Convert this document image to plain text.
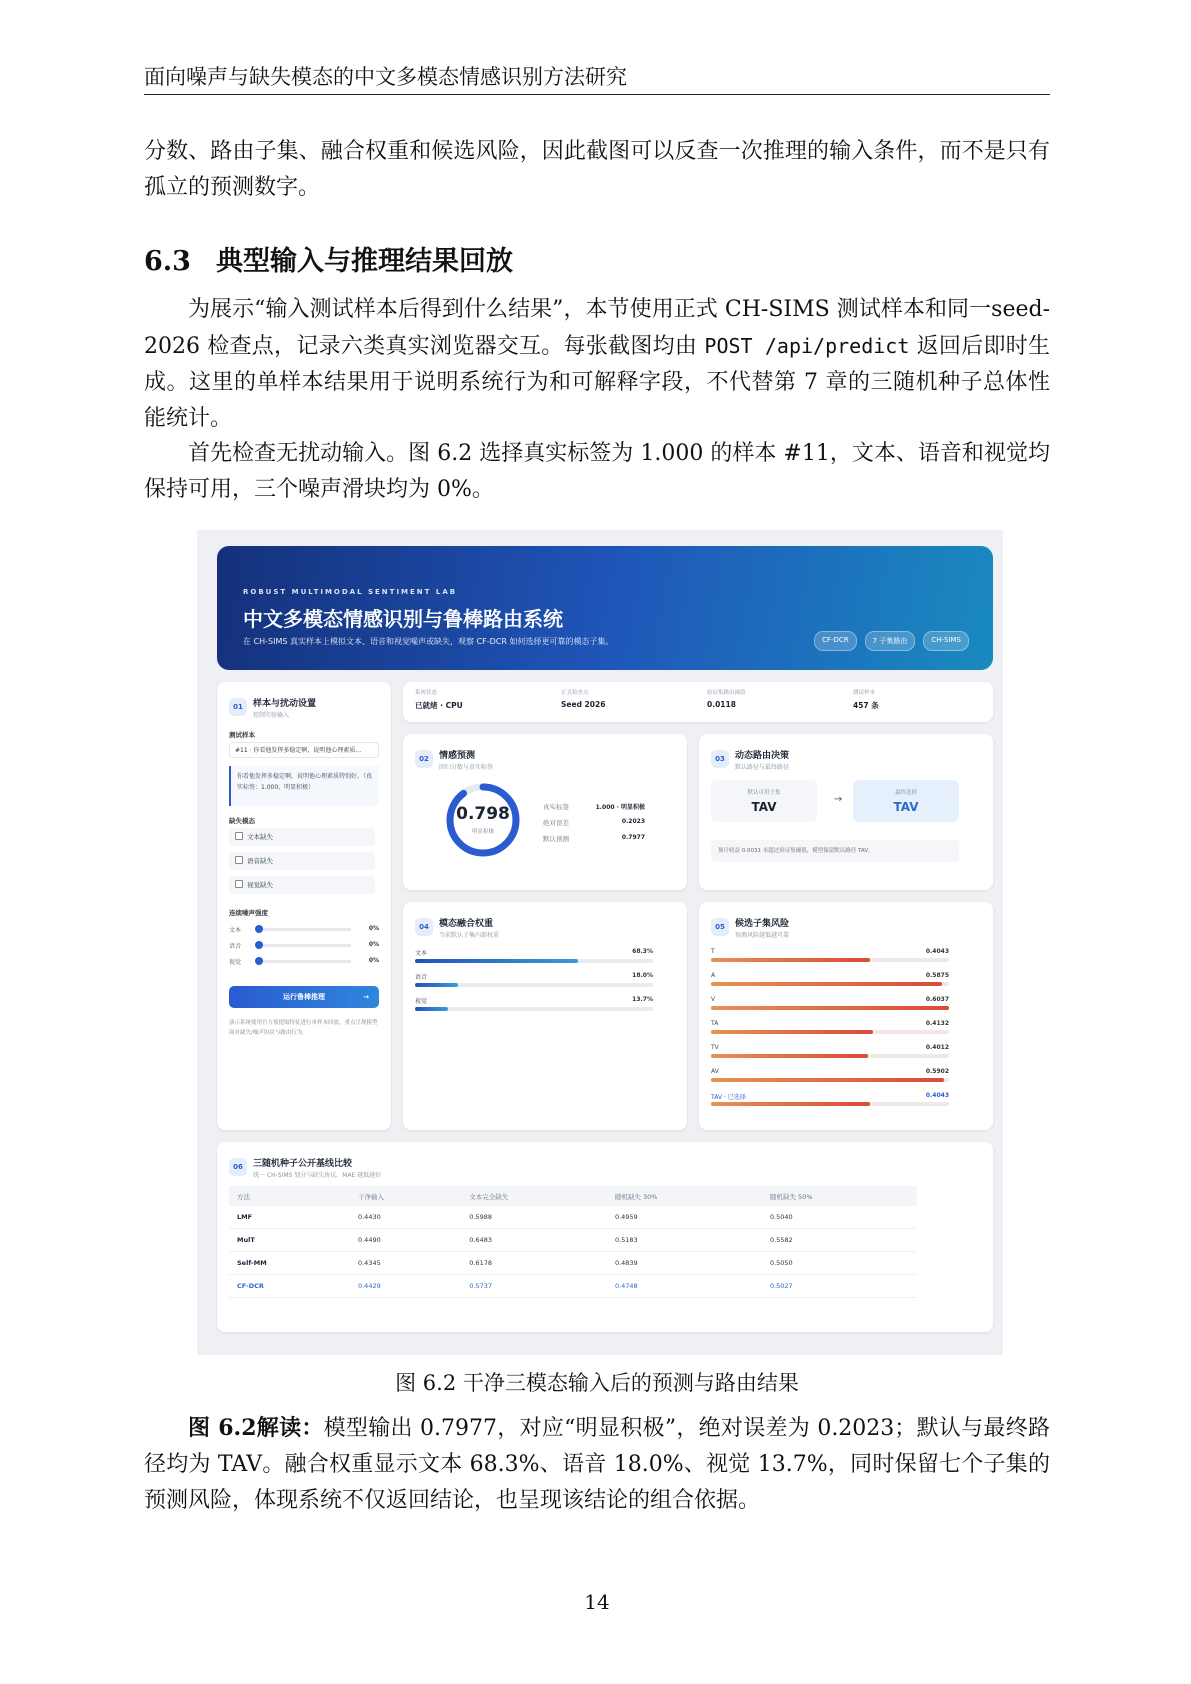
面向噪声与缺失模态的中文多模态情感识别方法研究

分数、路由子集、融合权重和候选风险，因此截图可以反查一次推理的输入条件，而不是只有孤立的预测数字。

6.3 典型输入与推理结果回放

为展示“输入测试样本后得到什么结果”，本节使用正式 CH-SIMS 测试样本和同一seed-2026 检查点，记录六类真实浏览器交互。每张截图均由 POST /api/predict 返回后即时生成。这里的单样本结果用于说明系统行为和可解释字段，不代替第 7 章的三随机种子总体性能统计。

首先检查无扰动输入。图 6.2 选择真实标签为 1.000 的样本 #11，文本、语音和视觉均保持可用，三个噪声滑块均为 0%。

ROBUST MULTIMODAL SENTIMENT LAB
中文多模态情感识别与鲁棒路由系统
在 CH-SIMS 真实样本上模拟文本、语音和视觉噪声或缺失，观察 CF-DCR 如何选择更可靠的模态子集。	CF-DCR	7 子集路由	CH-SIMS
01	样本与扰动设置
控制实验输入
测试样本
#11 · 你看他发挥多稳定啊，说明他心理素质...
你看他发挥多稳定啊，说明他心理素质特别好。（真实标签：1.000，明显积极）
缺失模态
文本缺失
语音缺失
视觉缺失
连续噪声强度
文本	0%
语音	0%
视觉	0%
运行鲁棒推理	→
演示系统使用官方预提取特征进行单样本回放，重点呈现模型面对缺失/噪声协议与路由行为。
系统状态
已就绪 · CPU
正式检查点
Seed 2026
验证集路由阈值
0.0118
测试样本
457 条
02	情感预测
回归分数与真实标签
0.798
明显积极
真实标签	1.000 · 明显积极
绝对误差	0.2023
默认预测	0.7977
03	动态路由决策
默认路径与最终路径
默认可用子集
TAV
→
最终选择
TAV
预计收益 0.0031 未超过验证集阈值，模型保留默认路径 TAV。
04	模态融合权重
当前默认子集内部权重
文本	68.3%
语音	18.0%
视觉	13.7%
05	候选子集风险
预测风险越低越可靠
T	0.4043
A	0.5875
V	0.6037
TA	0.4132
TV	0.4012
AV	0.5902
TAV · 已选择	0.4043
06	三随机种子公开基线比较
统一 CH-SIMS 划分与缺失协议，MAE 越低越好
方法	干净输入	文本完全缺失	随机缺失 30%	随机缺失 50%
LMF	0.4430	0.5988	0.4959	0.5040
MulT	0.4490	0.6483	0.5183	0.5582
Self-MM	0.4345	0.6178	0.4839	0.5050
CF-DCR	0.4429	0.5737	0.4748	0.5027
图 6.2 干净三模态输入后的预测与路由结果

图 6.2解读：模型输出 0.7977，对应“明显积极”，绝对误差为 0.2023；默认与最终路径均为 TAV。融合权重显示文本 68.3%、语音 18.0%、视觉 13.7%，同时保留七个子集的预测风险，体现系统不仅返回结论，也呈现该结论的组合依据。

14
